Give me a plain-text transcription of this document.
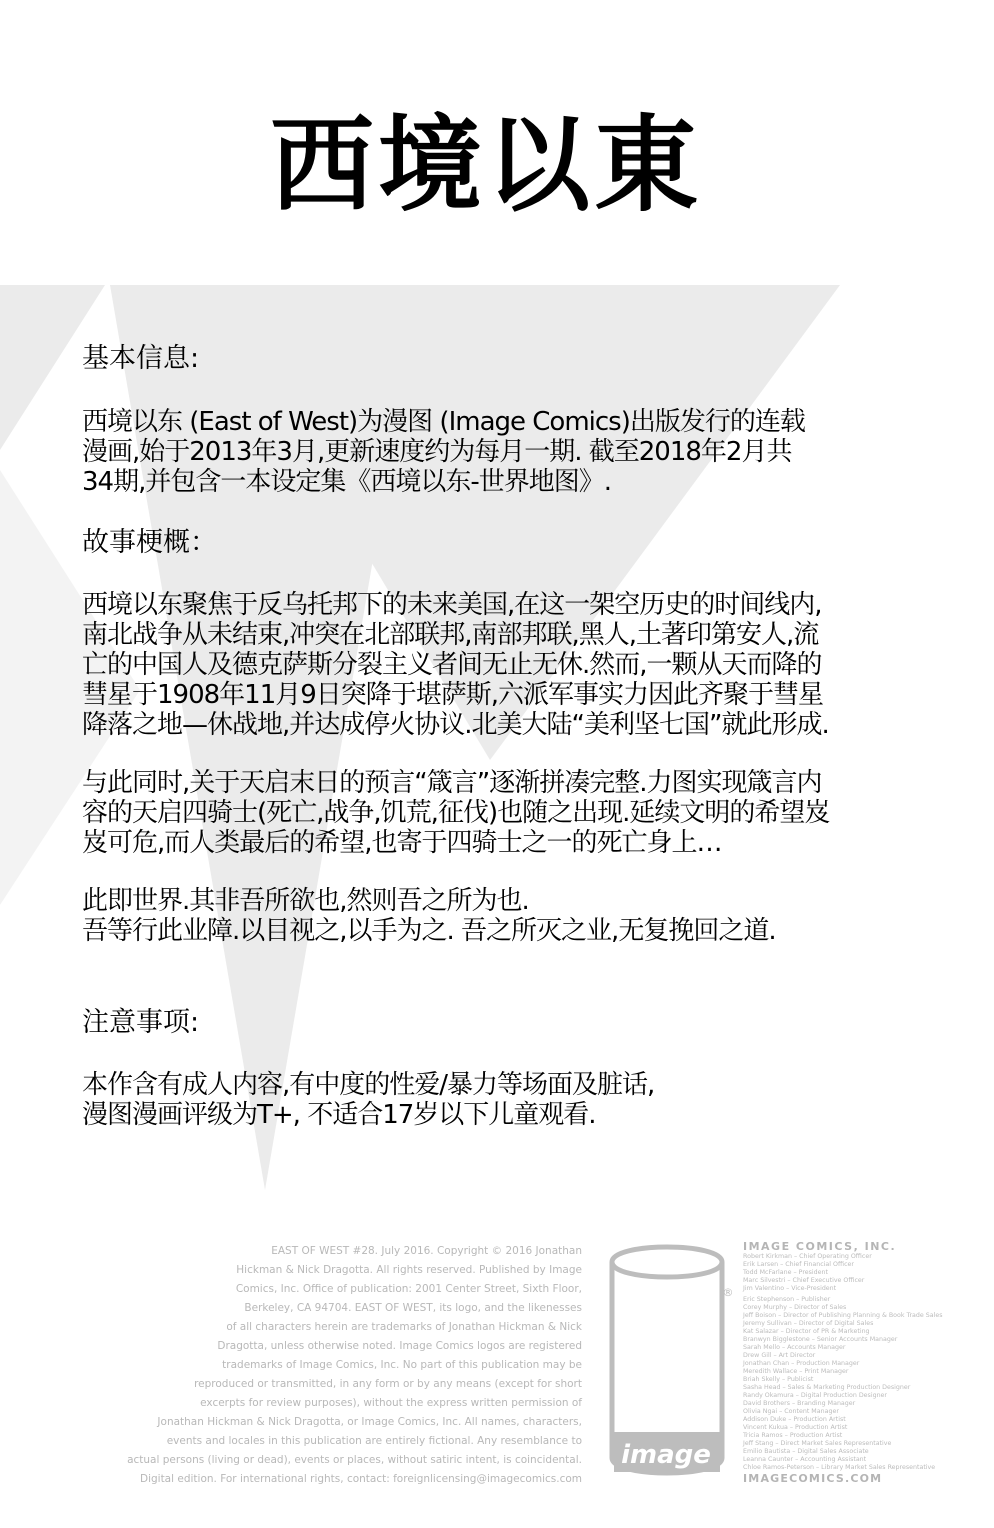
西境以東
基本信息:
西境以东 (East of West)为漫图 (Image Comics)出版发行的连载
漫画,始于2013年3月,更新速度约为每月一期. 截至2018年2月共
34期,并包含一本设定集《西境以东-世界地图》.
故事梗概：
西境以东聚焦于反乌托邦下的未来美国,在这一架空历史的时间线内,
南北战争从未结束,冲突在北部联邦,南部邦联,黑人,土著印第安人,流
亡的中国人及德克萨斯分裂主义者间无止无休.然而,一颗从天而降的
彗星于1908年11月9日突降于堪萨斯,六派军事实力因此齐聚于彗星
降落之地—休战地,并达成停火协议.北美大陆“美利坚七国”就此形成.
与此同时,关于天启末日的预言“箴言”逐渐拼凑完整.力图实现箴言内
容的天启四骑士(死亡,战争,饥荒,征伐)也随之出现.延续文明的希望岌
岌可危,而人类最后的希望,也寄于四骑士之一的死亡身上…
此即世界.其非吾所欲也,然则吾之所为也.
吾等行此业障.以目视之,以手为之. 吾之所灭之业,无复挽回之道.
注意事项:
本作含有成人内容,有中度的性爱/暴力等场面及脏话,
漫图漫画评级为T+, 不适合17岁以下儿童观看.
EAST OF WEST #28. July 2016. Copyright © 2016 Jonathan
Hickman & Nick Dragotta. All rights reserved. Published by Image
Comics, Inc. Office of publication: 2001 Center Street, Sixth Floor,
Berkeley, CA 94704. EAST OF WEST, its logo, and the likenesses
of all characters herein are trademarks of Jonathan Hickman & Nick
Dragotta, unless otherwise noted. Image Comics logos are registered
trademarks of Image Comics, Inc. No part of this publication may be
reproduced or transmitted, in any form or by any means (except for short
excerpts for review purposes), without the express written permission of
Jonathan Hickman & Nick Dragotta, or Image Comics, Inc. All names, characters,
events and locales in this publication are entirely fictional. Any resemblance to
actual persons (living or dead), events or places, without satiric intent, is coincidental.
Digital edition. For international rights, contact: foreignlicensing@imagecomics.com
image
®
IMAGE COMICS, INC.
Robert Kirkman – Chief Operating Officer
Erik Larsen – Chief Financial Officer
Todd McFarlane – President
Marc Silvestri – Chief Executive Officer
Jim Valentino – Vice-President
Eric Stephenson – Publisher
Corey Murphy – Director of Sales
Jeff Boison – Director of Publishing Planning & Book Trade Sales
Jeremy Sullivan – Director of Digital Sales
Kat Salazar – Director of PR & Marketing
Branwyn Bigglestone – Senior Accounts Manager
Sarah Mello – Accounts Manager
Drew Gill – Art Director
Jonathan Chan – Production Manager
Meredith Wallace – Print Manager
Briah Skelly – Publicist
Sasha Head – Sales & Marketing Production Designer
Randy Okamura – Digital Production Designer
David Brothers – Branding Manager
Olivia Ngai – Content Manager
Addison Duke – Production Artist
Vincent Kukua – Production Artist
Tricia Ramos – Production Artist
Jeff Stang – Direct Market Sales Representative
Emilio Bautista – Digital Sales Associate
Leanna Caunter – Accounting Assistant
Chloe Ramos-Peterson – Library Market Sales Representative
IMAGECOMICS.COM
